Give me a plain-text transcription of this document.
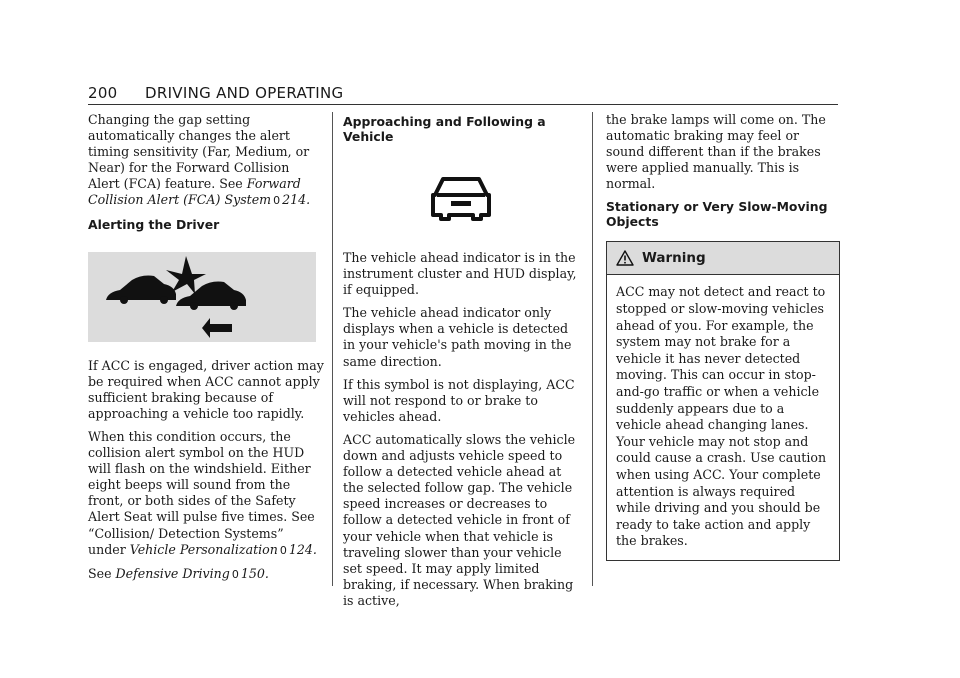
200 DRIVING AND OPERATING

Changing the gap setting automatically changes the alert timing sensitivity (Far, Medium, or Near) for the Forward Collision Alert (FCA) feature. See Forward Collision Alert (FCA) System 0 214.

Alerting the Driver

If ACC is engaged, driver action may be required when ACC cannot apply sufficient braking because of approaching a vehicle too rapidly.

When this condition occurs, the collision alert symbol on the HUD will flash on the windshield. Either eight beeps will sound from the front, or both sides of the Safety Alert Seat will pulse five times. See “Collision/ Detection Systems” under Vehicle Personalization 0 124.

See Defensive Driving 0 150.

Approaching and Following a Vehicle

The vehicle ahead indicator is in the instrument cluster and HUD display, if equipped.

The vehicle ahead indicator only displays when a vehicle is detected in your vehicle's path moving in the same direction.

If this symbol is not displaying, ACC will not respond to or brake to vehicles ahead.

ACC automatically slows the vehicle down and adjusts vehicle speed to follow a detected vehicle ahead at the selected follow gap. The vehicle speed increases or decreases to follow a detected vehicle in front of your vehicle when that vehicle is traveling slower than your vehicle set speed. It may apply limited braking, if necessary. When braking is active,

the brake lamps will come on. The automatic braking may feel or sound different than if the brakes were applied manually. This is normal.

Stationary or Very Slow-Moving Objects
Warning
ACC may not detect and react to stopped or slow-moving vehicles ahead of you. For example, the system may not brake for a vehicle it has never detected moving. This can occur in stop-and-go traffic or when a vehicle suddenly appears due to a vehicle ahead changing lanes. Your vehicle may not stop and could cause a crash. Use caution when using ACC. Your complete attention is always required while driving and you should be ready to take action and apply the brakes.
